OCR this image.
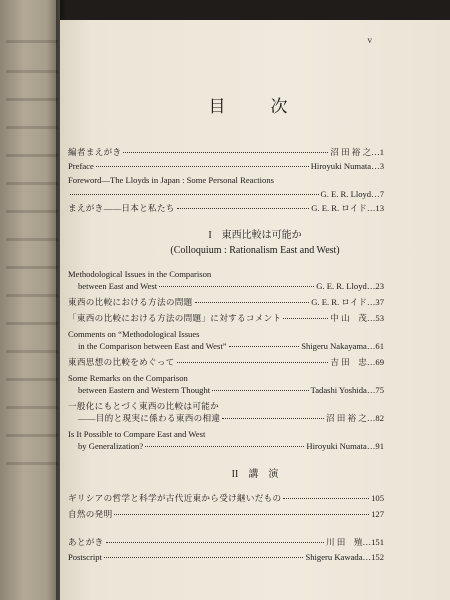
v
目　次
編者まえがき	沼 田 裕 之…1
Preface	Hiroyuki Numata…3
Foreword—The Lloyds in Japan : Some Personal Reactions
G. E. R. Lloyd…7
まえがき——日本と私たち	G. E. R. ロイド…13
I　東西比較は可能か
(Colloquium : Rationalism East and West)
Methodological Issues in the Comparison
between East and West	G. E. R. Lloyd…23
東西の比較における方法の問題	G. E. R. ロイド…37
「東西の比較における方法の問題」に対するコメント	中 山　茂…53
Comments on “Methodological Issues
in the Comparison between East and West”	Shigeru Nakayama…61
東西思想の比較をめぐって	吉 田　忠…69
Some Remarks on the Comparison
between Eastern and Western Thought	Tadashi Yoshida…75
一般化にもとづく東西の比較は可能か
——目的と現実に係わる東西の相違	沼 田 裕 之…82
Is It Possible to Compare East and West
by Generalization?	Hiroyuki Numata…91
II　講　演
ギリシアの哲学と科学が古代近東から受け継いだもの	105
自然の発明	127
あとがき	川 田　殖…151
Postscript	Shigeru Kawada…152
